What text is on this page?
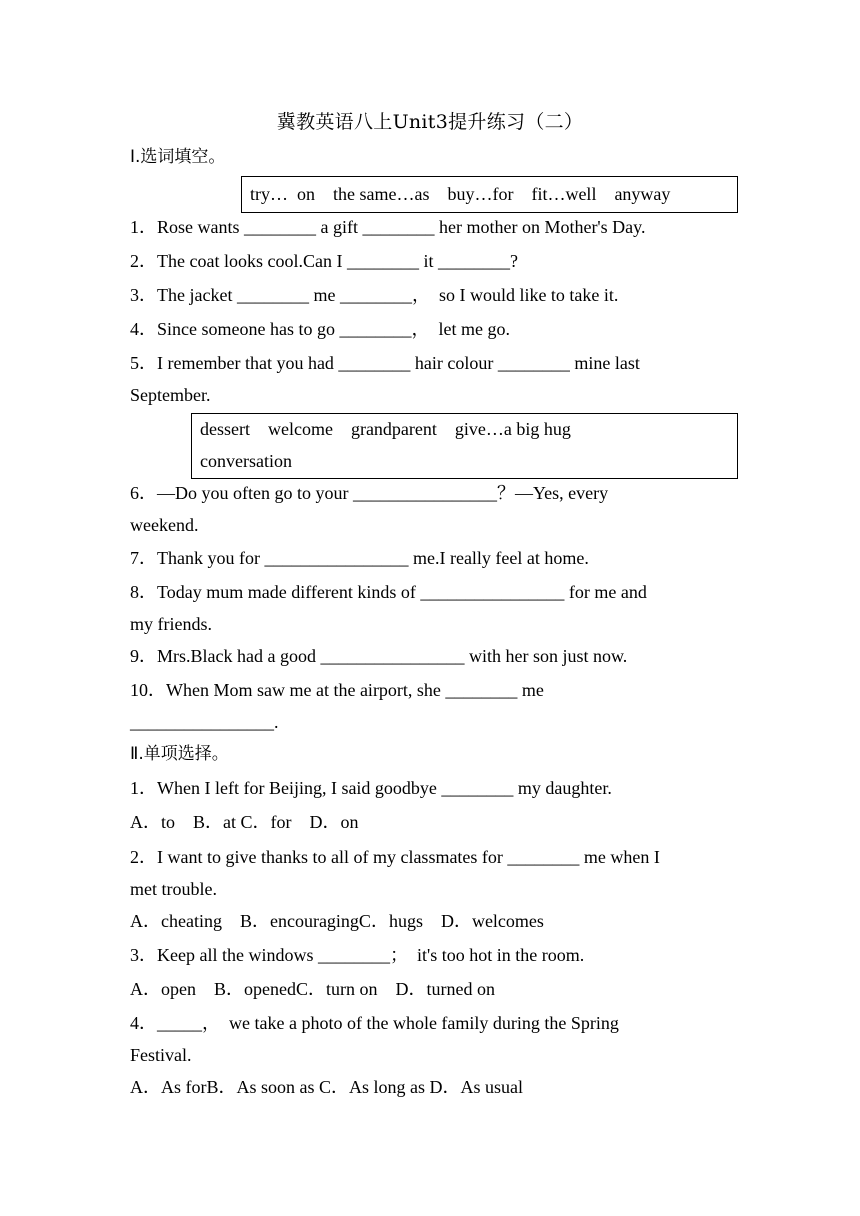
冀教英语八上Unit3提升练习（二）
Ⅰ.选词填空。
try…  on    the same…as    buy…for    fit…well    anyway
1．Rose wants ________ a gift ________ her mother on Mother's Day.
2．The coat looks cool.Can I ________ it ________?
3．The jacket ________ me ________，  so I would like to take it.
4．Since someone has to go ________，  let me go.
5．I remember that you had ________ hair colour ________ mine last
September.
dessert    welcome    grandparent    give…a big hug
conversation
6．—Do you often go to your ________________？—Yes, every
weekend.
7．Thank you for ________________ me.I really feel at home.
8．Today mum made different kinds of ________________ for me and
my friends.
9．Mrs.Black had a good ________________ with her son just now.
10．When Mom saw me at the airport, she ________ me
________________.
Ⅱ.单项选择。
1．When I left for Beijing, I said goodbye ________ my daughter.
A．to    B．at C．for    D．on
2．I want to give thanks to all of my classmates for ________ me when I
met trouble.
A．cheating    B．encouragingC．hugs    D．welcomes
3．Keep all the windows ________；  it's too hot in the room.
A．open    B．openedC．turn on    D．turned on
4．_____，  we take a photo of the whole family during the Spring
Festival.
A．As forB．As soon as C．As long as D．As usual
